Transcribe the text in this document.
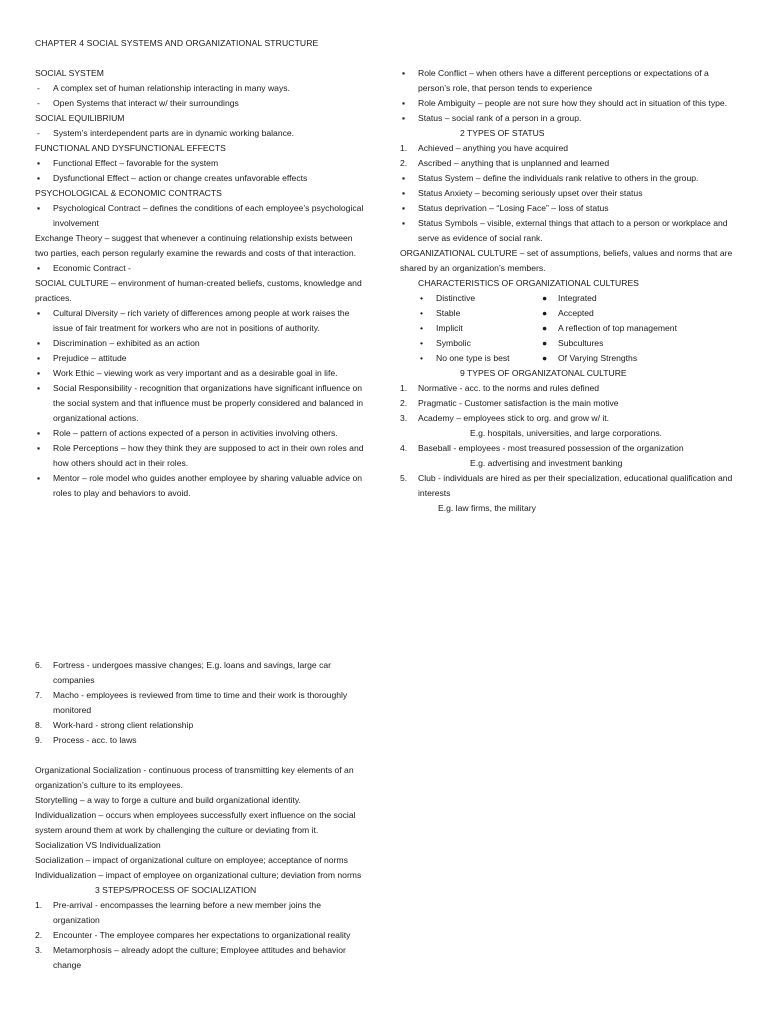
CHAPTER 4 SOCIAL SYSTEMS AND ORGANIZATIONAL STRUCTURE

SOCIAL SYSTEM

-	A complex set of human relationship interacting in many ways.
-	Open Systems that interact w/ their surroundings

SOCIAL EQUILIBRIUM

-	System’s interdependent parts are in dynamic working balance.

FUNCTIONAL AND DYSFUNCTIONAL EFFECTS

▪	Functional Effect – favorable for the system
▪	Dysfunctional Effect – action or change creates unfavorable effects

PSYCHOLOGICAL & ECONOMIC CONTRACTS

▪	Psychological Contract – defines the conditions of each employee’s psychological involvement

Exchange Theory – suggest that whenever a continuing relationship exists between two parties, each person regularly examine the rewards and costs of that interaction.

▪	Economic Contract -

SOCIAL CULTURE – environment of human-created beliefs, customs, knowledge and practices.

▪	Cultural Diversity – rich variety of differences among people at work raises the issue of fair treatment for workers who are not in positions of authority.
▪	Discrimination – exhibited as an action
▪	Prejudice – attitude
▪	Work Ethic – viewing work as very important and as a desirable goal in life.
▪	Social Responsibility - recognition that organizations have significant influence on the social system and that influence must be properly considered and balanced in organizational actions.
▪	Role – pattern of actions expected of a person in activities involving others.
▪	Role Perceptions – how they think they are supposed to act in their own roles and how others should act in their roles.
▪	Mentor – role model who guides another employee by sharing valuable advice on roles to play and behaviors to avoid.
▪	Role Conflict – when others have a different perceptions or expectations of a person’s role, that person tends to experience
▪	Role Ambiguity – people are not sure how they should act in situation of this type.
▪	Status – social rank of a person in a group.

2 TYPES OF STATUS

1.	Achieved – anything you have acquired
2.	Ascribed – anything that is unplanned and learned
▪	Status System – define the individuals rank relative to others in the group.
▪	Status Anxiety – becoming seriously upset over their status
▪	Status deprivation – “Losing Face” – loss of status
▪	Status Symbols – visible, external things that attach to a person or workplace and serve as evidence of social rank.

ORGANIZATIONAL CULTURE – set of assumptions, beliefs, values and norms that are shared by an organization’s members.

CHARACTERISTICS OF ORGANIZATIONAL CULTURES

• Distinctive	● Integrated
• Stable	● Accepted
• Implicit	● A reflection of top management
• Symbolic	● Subcultures
• No one type is best	● Of Varying Strengths

9 TYPES OF ORGANIZATONAL CULTURE

1.	Normative - acc. to the norms and rules defined
2.	Pragmatic - Customer satisfaction is the main motive
3.	Academy – employees stick to org. and grow w/ it.

E.g. hospitals, universities, and large corporations.

4.	Baseball - employees - most treasured possession of the organization

E.g. advertising and investment banking

5.	Club - individuals are hired as per their specialization, educational qualification and interests

E.g. law firms, the military

6.	Fortress - undergoes massive changes; E.g. loans and savings, large car companies
7.	Macho - employees is reviewed from time to time and their work is thoroughly monitored
8.	Work-hard - strong client relationship
9.	Process - acc. to laws

Organizational Socialization - continuous process of transmitting key elements of an organization’s culture to its employees.

Storytelling – a way to forge a culture and build organizational identity.

Individualization – occurs when employees successfully exert influence on the social system around them at work by challenging the culture or deviating from it.

Socialization VS Individualization

Socialization – impact of organizational culture on employee; acceptance of norms

Individualization – impact of employee on organizational culture; deviation from norms

3 STEPS/PROCESS OF SOCIALIZATION

1.	Pre-arrival - encompasses the learning before a new member joins the organization
2.	Encounter - The employee compares her expectations to organizational reality
3.	Metamorphosis – already adopt the culture; Employee attitudes and behavior change
